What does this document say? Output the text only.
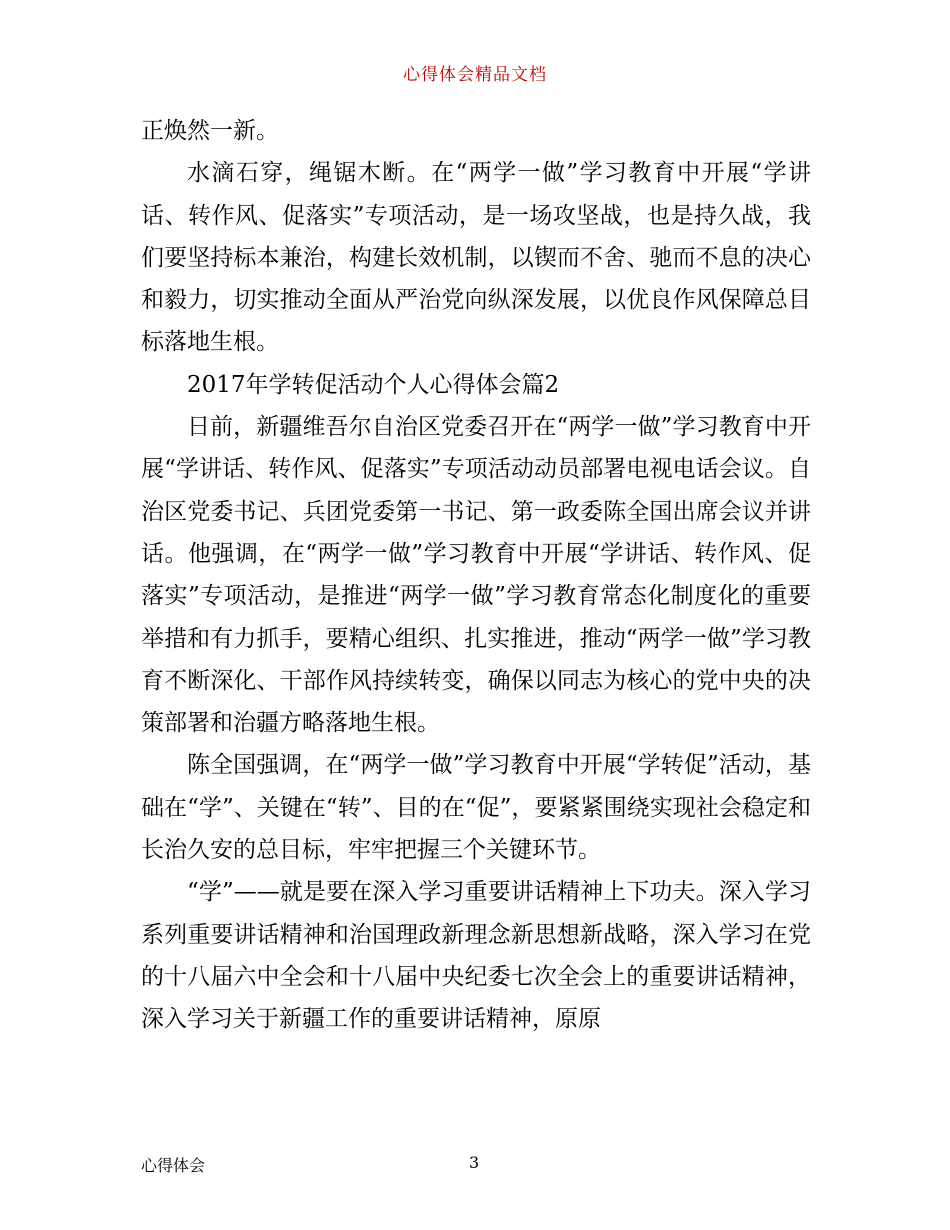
心得体会精品文档

正焕然一新。

水滴石穿，绳锯木断。在“两学一做”学习教育中开展“学讲话、转作风、促落实”专项活动，是一场攻坚战，也是持久战，我们要坚持标本兼治，构建长效机制，以锲而不舍、驰而不息的决心和毅力，切实推动全面从严治党向纵深发展，以优良作风保障总目标落地生根。

2017年学转促活动个人心得体会篇2

日前，新疆维吾尔自治区党委召开在“两学一做”学习教育中开展“学讲话、转作风、促落实”专项活动动员部署电视电话会议。自治区党委书记、兵团党委第一书记、第一政委陈全国出席会议并讲话。他强调，在“两学一做”学习教育中开展“学讲话、转作风、促落实”专项活动，是推进“两学一做”学习教育常态化制度化的重要举措和有力抓手，要精心组织、扎实推进，推动“两学一做”学习教育不断深化、干部作风持续转变，确保以同志为核心的党中央的决策部署和治疆方略落地生根。

陈全国强调，在“两学一做”学习教育中开展“学转促”活动，基础在“学”、关键在“转”、目的在“促”，要紧紧围绕实现社会稳定和长治久安的总目标，牢牢把握三个关键环节。

“学”——就是要在深入学习重要讲话精神上下功夫。深入学习系列重要讲话精神和治国理政新理念新思想新战略，深入学习在党的十八届六中全会和十八届中央纪委七次全会上的重要讲话精神，深入学习关于新疆工作的重要讲话精神，原原

心得体会	3
